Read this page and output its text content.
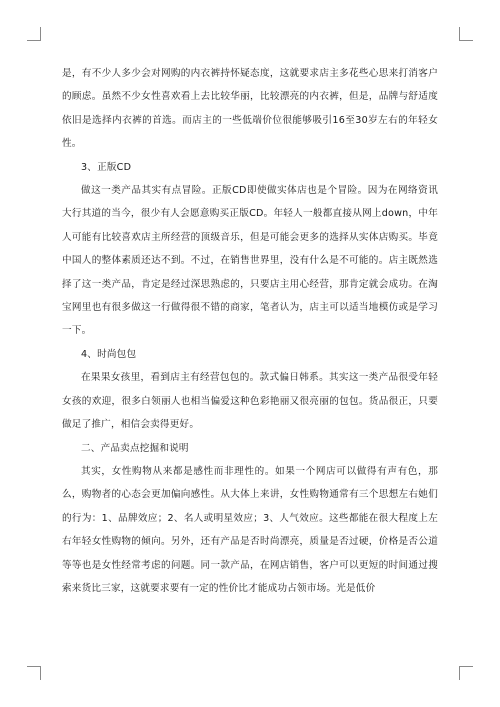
是，有不少人多少会对网购的内衣裤持怀疑态度，这就要求店主多花些心思来打消客户的顾虑。虽然不少女性喜欢看上去比较华丽，比较漂亮的内衣裤，但是，品牌与舒适度依旧是选择内衣裤的首选。而店主的一些低端价位很能够吸引16至30岁左右的年轻女性。

3、正版CD

做这一类产品其实有点冒险。正版CD即使做实体店也是个冒险。因为在网络资讯大行其道的当今，很少有人会愿意购买正版CD。年轻人一般都直接从网上down，中年人可能有比较喜欢店主所经营的顶级音乐，但是可能会更多的选择从实体店购买。毕竟中国人的整体素质还达不到。不过，在销售世界里，没有什么是不可能的。店主既然选择了这一类产品，肯定是经过深思熟虑的，只要店主用心经营，那肯定就会成功。在淘宝网里也有很多做这一行做得很不错的商家，笔者认为，店主可以适当地模仿或是学习一下。

4、时尚包包

在果果女孩里，看到店主有经营包包的。款式偏日韩系。其实这一类产品很受年轻女孩的欢迎，很多白领丽人也相当偏爱这种色彩艳丽又很亮丽的包包。货品很正，只要做足了推广，相信会卖得更好。

二、产品卖点挖掘和说明

其实，女性购物从来都是感性而非理性的。如果一个网店可以做得有声有色，那么，购物者的心态会更加偏向感性。从大体上来讲，女性购物通常有三个思想左右她们的行为：1、品牌效应；2、名人或明星效应；3、人气效应。这些都能在很大程度上左右年轻女性购物的倾向。另外，还有产品是否时尚漂亮，质量是否过硬，价格是否公道等等也是女性经常考虑的问题。同一款产品，在网店销售，客户可以更短的时间通过搜索来货比三家，这就要求要有一定的性价比才能成功占领市场。光是低价
